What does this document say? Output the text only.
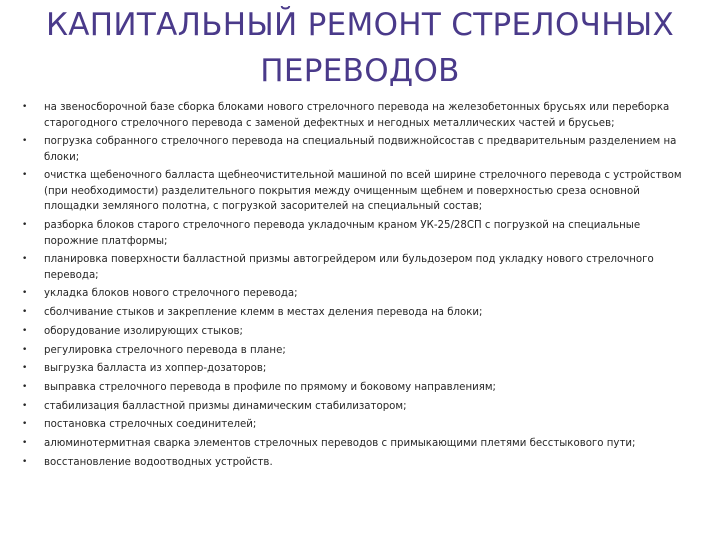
КАПИТАЛЬНЫЙ РЕМОНТ СТРЕЛОЧНЫХ
ПЕРЕВОДОВ
•	на звеносборочной базе сборка блоками нового стрелочного перевода на железобетонных брусьях или переборка старогодного стрелочного перевода с заменой дефектных и негодных металлических частей и брусьев;
•	погрузка собранного стрелочного перевода на специальный подвижнойсостав с предварительным разделением на блоки;
•	очистка щебеночного балласта щебнеочистительной машиной по всей ширине стрелочного перевода с устройством (при необходимости) разделительного покрытия между очищенным щебнем и поверхностью среза основной площадки земляного полотна, с погрузкой засорителей на специальный состав;
•	разборка блоков старого стрелочного перевода укладочным краном УК-25/28СП с погрузкой на специальные порожние платформы;
•	планировка поверхности балластной призмы автогрейдером или бульдозером под укладку нового стрелочного перевода;
•	укладка блоков нового стрелочного перевода;
•	сболчивание стыков и закрепление клемм в местах деления перевода на блоки;
•	оборудование изолирующих стыков;
•	регулировка стрелочного перевода в плане;
•	выгрузка балласта из хоппер-дозаторов;
•	выправка стрелочного перевода в профиле по прямому и боковому направлениям;
•	стабилизация балластной призмы динамическим стабилизатором;
•	постановка стрелочных соединителей;
•	алюминотермитная сварка элементов стрелочных переводов с примыкающими плетями бесстыкового пути;
•	восстановление водоотводных устройств.
